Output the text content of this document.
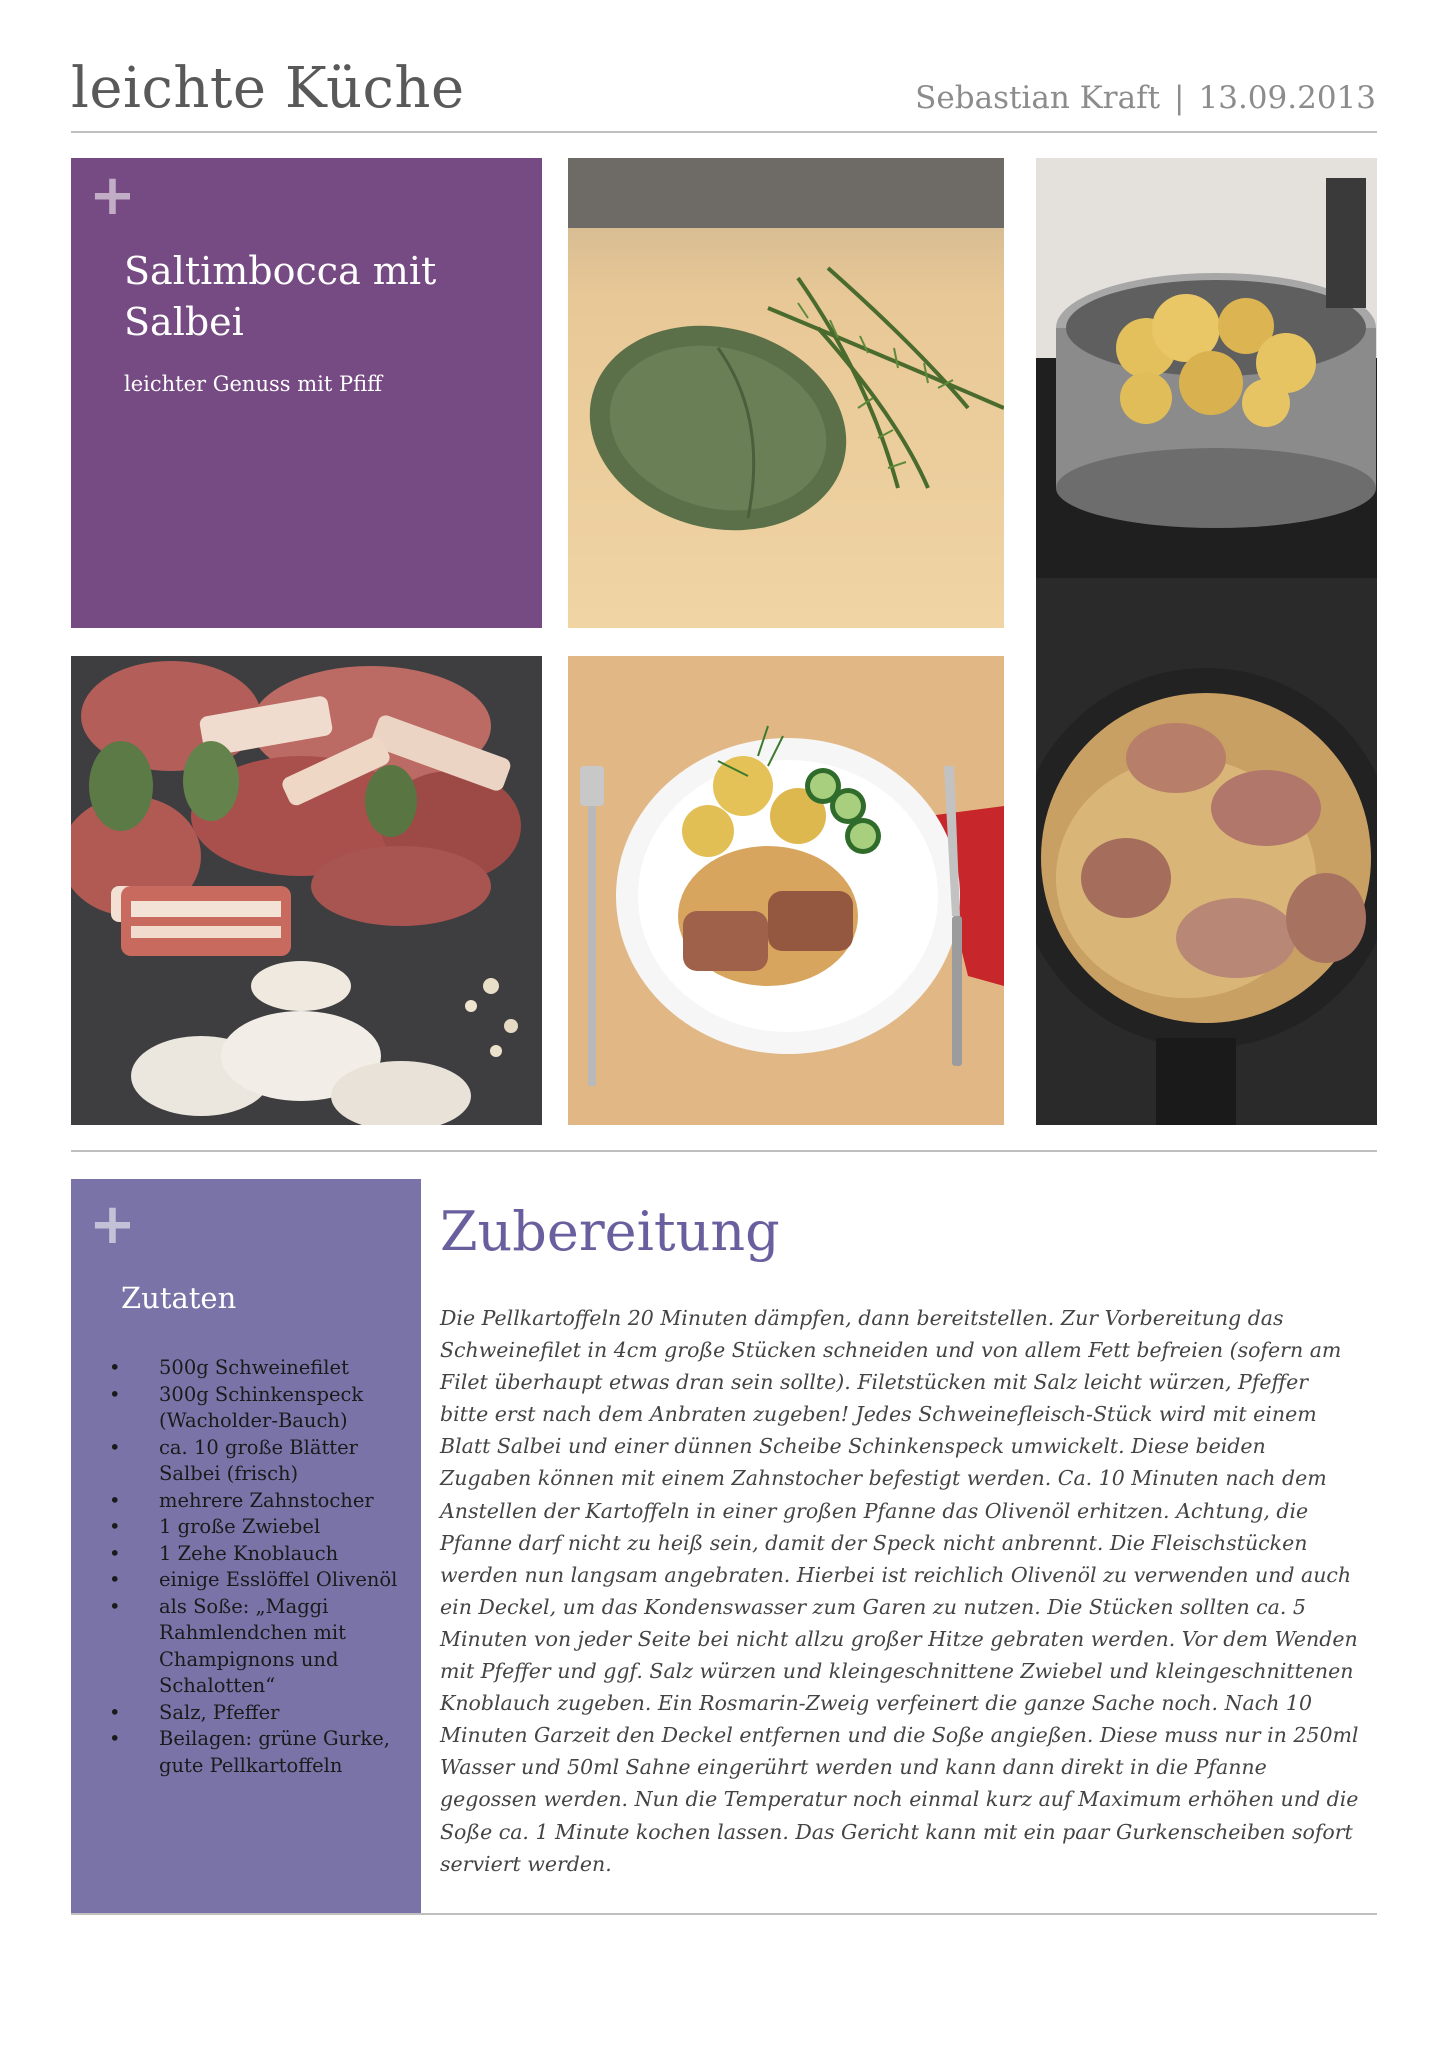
leichte Küche	Sebastian Kraft | 13.09.2013
+
Saltimbocca mit Salbei
leichter Genuss mit Pfiff
+
Zutaten
• 500g Schweinefilet
• 300g Schinkenspeck (Wacholder-Bauch)
• ca. 10 große Blätter Salbei (frisch)
• mehrere Zahnstocher
• 1 große Zwiebel
• 1 Zehe Knoblauch
• einige Esslöffel Olivenöl
• als Soße: „Maggi Rahmlendchen mit Champignons und Schalotten“
• Salz, Pfeffer
• Beilagen: grüne Gurke, gute Pellkartoffeln
Zubereitung
Die Pellkartoffeln 20 Minuten dämpfen, dann bereitstellen. Zur Vorbereitung das Schweinefilet in 4cm große Stücken schneiden und von allem Fett befreien (sofern am Filet überhaupt etwas dran sein sollte). Filetstücken mit Salz leicht würzen, Pfeffer bitte erst nach dem Anbraten zugeben! Jedes Schweinefleisch-Stück wird mit einem Blatt Salbei und einer dünnen Scheibe Schinkenspeck umwickelt. Diese beiden Zugaben können mit einem Zahnstocher befestigt werden. Ca. 10 Minuten nach dem Anstellen der Kartoffeln in einer großen Pfanne das Olivenöl erhitzen. Achtung, die Pfanne darf nicht zu heiß sein, damit der Speck nicht anbrennt. Die Fleischstücken werden nun langsam angebraten. Hierbei ist reichlich Olivenöl zu verwenden und auch ein Deckel, um das Kondenswasser zum Garen zu nutzen. Die Stücken sollten ca. 5 Minuten von jeder Seite bei nicht allzu großer Hitze gebraten werden. Vor dem Wenden mit Pfeffer und ggf. Salz würzen und kleingeschnittene Zwiebel und kleingeschnittenen Knoblauch zugeben. Ein Rosmarin-Zweig verfeinert die ganze Sache noch. Nach 10 Minuten Garzeit den Deckel entfernen und die Soße angießen. Diese muss nur in 250ml Wasser und 50ml Sahne eingerührt werden und kann dann direkt in die Pfanne gegossen werden. Nun die Temperatur noch einmal kurz auf Maximum erhöhen und die Soße ca. 1 Minute kochen lassen. Das Gericht kann mit ein paar Gurkenscheiben sofort serviert werden.
